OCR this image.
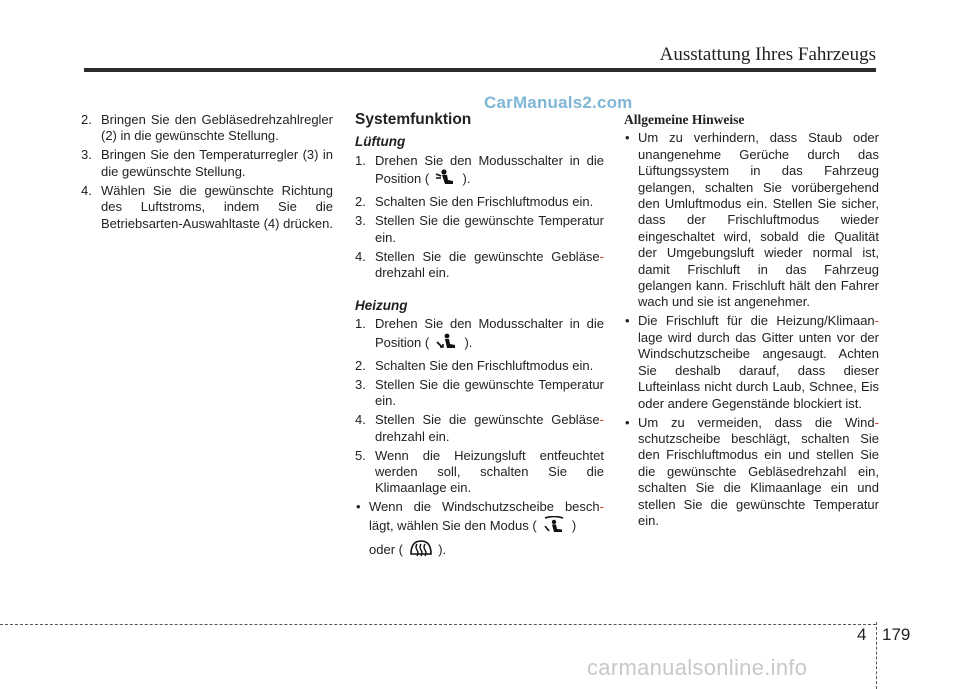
Ausstattung Ihres Fahrzeugs
CarManuals2.com
2. Bringen Sie den Gebläsedrehzahlregler (2) in die gewünschte Stellung.
3. Bringen Sie den Temperaturregler (3) in die gewünschte Stellung.
4. Wählen Sie die gewünschte Richtung des Luftstroms, indem Sie die Betriebsarten-Auswahltaste (4) drücken.
Systemfunktion
Lüftung
1. Drehen Sie den Modusschalter in die Position (	).
2. Schalten Sie den Frischluftmodus ein.
3. Stellen Sie die gewünschte Temperatur ein.
4. Stellen Sie die gewünschte Gebläse- drehzahl ein.
Heizung
1. Drehen Sie den Modusschalter in die Position (	).
2. Schalten Sie den Frischluftmodus ein.
3. Stellen Sie die gewünschte Temperatur ein.
4. Stellen Sie die gewünschte Gebläse- drehzahl ein.
5. Wenn die Heizungsluft entfeuchtet werden soll, schalten Sie die Klimaanlage ein.
• Wenn die Windschutzscheibe besch- lägt, wählen Sie den Modus (	)
oder (	).
Allgemeine Hinweise
• Um zu verhindern, dass Staub oder unangenehme Gerüche durch das Lüftungssystem in das Fahrzeug gelangen, schalten Sie vorübergehend den Umluftmodus ein. Stellen Sie sicher, dass der Frischluftmodus wieder eingeschaltet wird, sobald die Qualität der Umgebungsluft wieder normal ist, damit Frischluft in das Fahrzeug gelangen kann. Frischluft hält den Fahrer wach und sie ist angenehmer.
• Die Frischluft für die Heizung/Klimaan- lage wird durch das Gitter unten vor der Windschutzscheibe angesaugt. Achten Sie deshalb darauf, dass dieser Lufteinlass nicht durch Laub, Schnee, Eis oder andere Gegenstände blockiert ist.
• Um zu vermeiden, dass die Wind- schutzscheibe beschlägt, schalten Sie den Frischluftmodus ein und stellen Sie die gewünschte Gebläsedrehzahl ein, schalten Sie die Klimaanlage ein und stellen Sie die gewünschte Temperatur ein.
4 179
carmanualsonline.info
